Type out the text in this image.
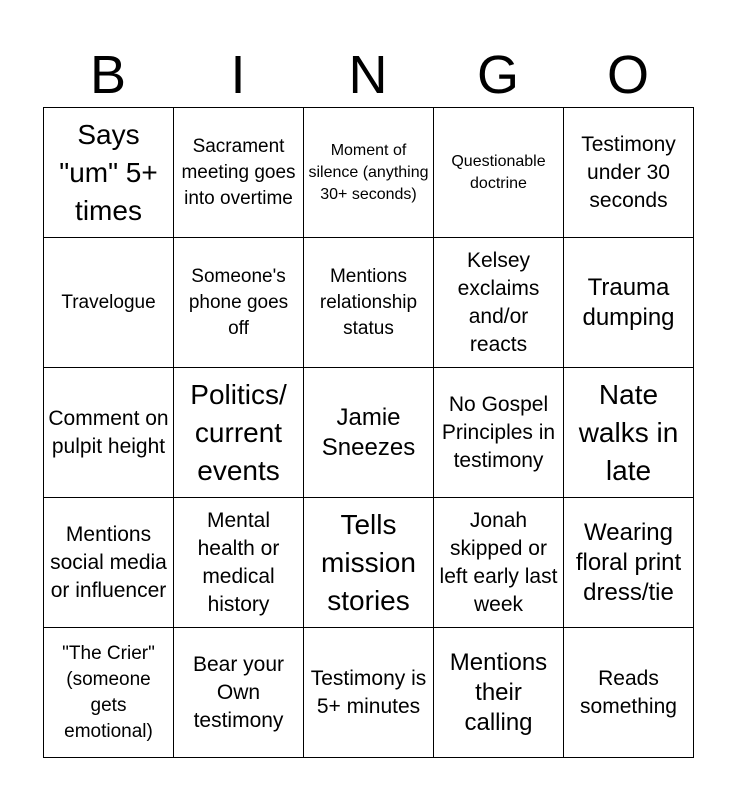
B	I	N	G	O
Says "um" 5+ times	Sacrament meeting goes into overtime	Moment of silence (anything 30+ seconds)	Questionable doctrine	Testimony under 30 seconds

Travelogue	Someone's phone goes off	Mentions relationship status	Kelsey exclaims and/or reacts	Trauma dumping

Comment on pulpit height	Politics/ current events	Jamie Sneezes	No Gospel Principles in testimony	Nate walks in late

Mentions social media or influencer	Mental health or medical history	Tells mission stories	Jonah skipped or left early last week	Wearing floral print dress/tie

"The Crier" (someone gets emotional)	Bear your Own testimony	Testimony is 5+ minutes	Mentions their calling	Reads something
